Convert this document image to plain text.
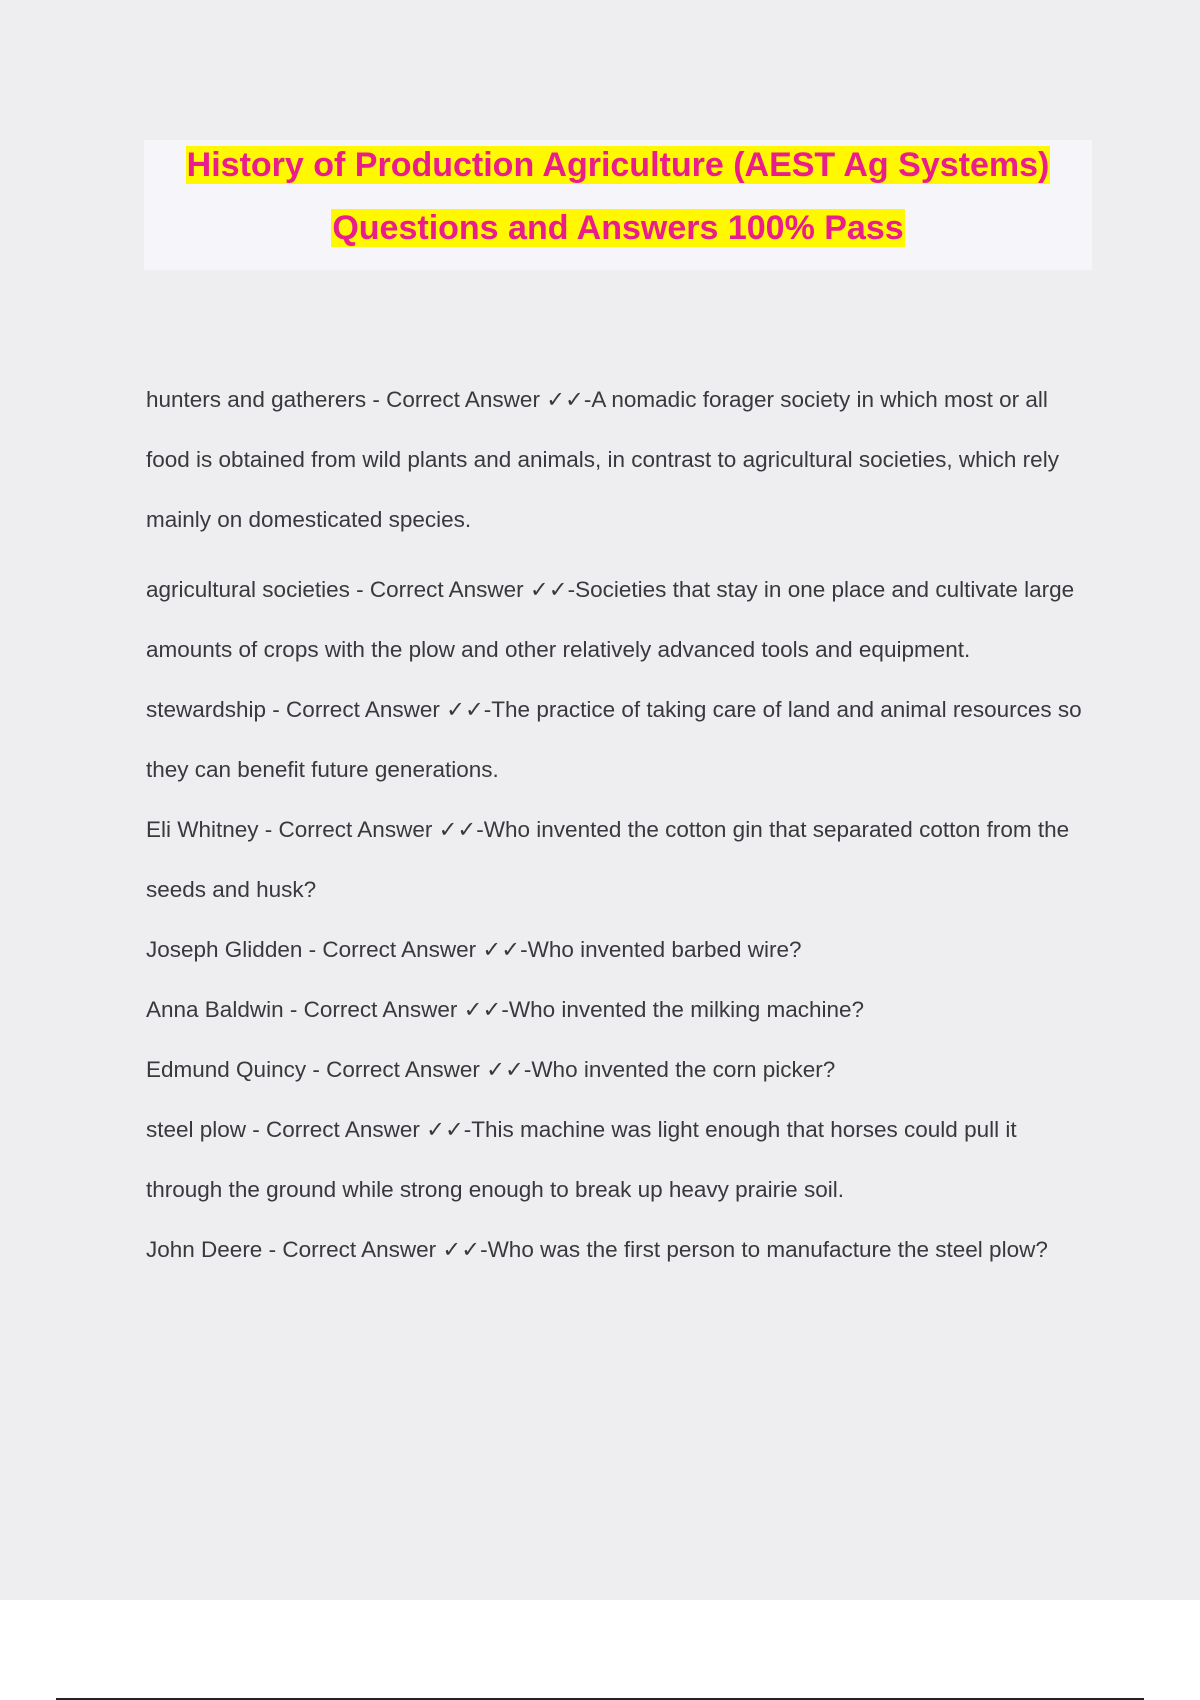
History of Production Agriculture (AEST Ag Systems)
Questions and Answers 100% Pass

hunters and gatherers - Correct Answer ✓✓-A nomadic forager society in which most or all food is obtained from wild plants and animals, in contrast to agricultural societies, which rely mainly on domesticated species.

agricultural societies - Correct Answer ✓✓-Societies that stay in one place and cultivate large amounts of crops with the plow and other relatively advanced tools and equipment.

stewardship - Correct Answer ✓✓-The practice of taking care of land and animal resources so they can benefit future generations.

Eli Whitney - Correct Answer ✓✓-Who invented the cotton gin that separated cotton from the seeds and husk?

Joseph Glidden - Correct Answer ✓✓-Who invented barbed wire?

Anna Baldwin - Correct Answer ✓✓-Who invented the milking machine?

Edmund Quincy - Correct Answer ✓✓-Who invented the corn picker?

steel plow - Correct Answer ✓✓-This machine was light enough that horses could pull it through the ground while strong enough to break up heavy prairie soil.

John Deere - Correct Answer ✓✓-Who was the first person to manufacture the steel plow?
